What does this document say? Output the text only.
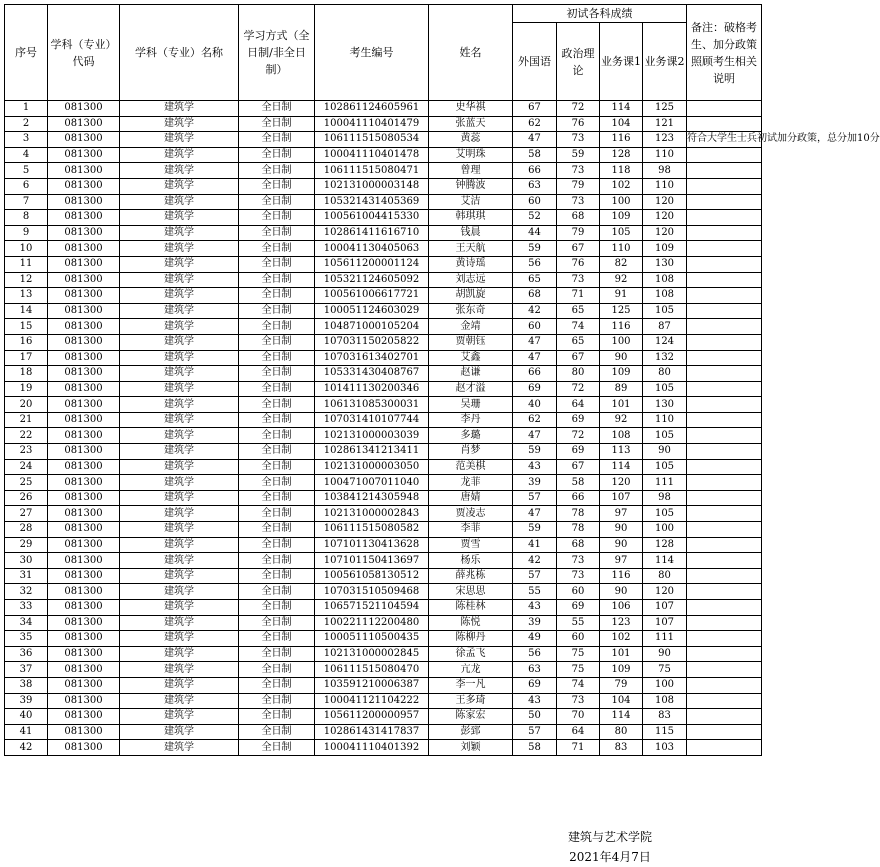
序号	学科（专业）代码	学科（专业）名称	学习方式（全日制/非全日制）	考生编号	姓名	初试各科成绩				备注：破格考生、加分政策照顾考生相关说明
						外国语	政治理论	业务课1	业务课2	
1	081300	建筑学	全日制	102861124605961	史华祺	67	72	114	125	
2	081300	建筑学	全日制	100041110401479	张蓝天	62	76	104	121	
3	081300	建筑学	全日制	106111515080534	黄蕊	47	73	116	123	符合大学生士兵初试加分政策，总分加10分
4	081300	建筑学	全日制	100041110401478	艾明珠	58	59	128	110	
5	081300	建筑学	全日制	106111515080471	曾理	66	73	118	98	
6	081300	建筑学	全日制	102131000003148	钟腾波	63	79	102	110	
7	081300	建筑学	全日制	105321431405369	艾洁	60	73	100	120	
8	081300	建筑学	全日制	100561004415330	韩琪琪	52	68	109	120	
9	081300	建筑学	全日制	102861411616710	钱晨	44	79	105	120	
10	081300	建筑学	全日制	100041130405063	王天航	59	67	110	109	
11	081300	建筑学	全日制	105611200001124	黄诗瑶	56	76	82	130	
12	081300	建筑学	全日制	105321124605092	刘志远	65	73	92	108	
13	081300	建筑学	全日制	100561006617721	胡凯旋	68	71	91	108	
14	081300	建筑学	全日制	100051124603029	张东奇	42	65	125	105	
15	081300	建筑学	全日制	104871000105204	金靖	60	74	116	87	
16	081300	建筑学	全日制	107031150205822	贾朝钰	47	65	100	124	
17	081300	建筑学	全日制	107031613402701	艾鑫	47	67	90	132	
18	081300	建筑学	全日制	105331430408767	赵谦	66	80	109	80	
19	081300	建筑学	全日制	101411130200346	赵才溢	69	72	89	105	
20	081300	建筑学	全日制	106131085300031	吴珊	40	64	101	130	
21	081300	建筑学	全日制	107031410107744	李丹	62	69	92	110	
22	081300	建筑学	全日制	102131000003039	多璐	47	72	108	105	
23	081300	建筑学	全日制	102861341213411	肖梦	59	69	113	90	
24	081300	建筑学	全日制	102131000003050	范美棋	43	67	114	105	
25	081300	建筑学	全日制	100471007011040	龙菲	39	58	120	111	
26	081300	建筑学	全日制	103841214305948	唐婧	57	66	107	98	
27	081300	建筑学	全日制	102131000002843	贾凌志	47	78	97	105	
28	081300	建筑学	全日制	106111515080582	李菲	59	78	90	100	
29	081300	建筑学	全日制	107101130413628	贾雪	41	68	90	128	
30	081300	建筑学	全日制	107101150413697	杨乐	42	73	97	114	
31	081300	建筑学	全日制	100561058130512	薛兆栋	57	73	116	80	
32	081300	建筑学	全日制	107031510509468	宋思思	55	60	90	120	
33	081300	建筑学	全日制	106571521104594	陈桂林	43	69	106	107	
34	081300	建筑学	全日制	100221112200480	陈悦	39	55	123	107	
35	081300	建筑学	全日制	100051110500435	陈柳丹	49	60	102	111	
36	081300	建筑学	全日制	102131000002845	徐孟飞	56	75	101	90	
37	081300	建筑学	全日制	106111515080470	亢龙	63	75	109	75	
38	081300	建筑学	全日制	103591210006387	李一凡	69	74	79	100	
39	081300	建筑学	全日制	100041121104222	王多琦	43	73	104	108	
40	081300	建筑学	全日制	105611200000957	陈家宏	50	70	114	83	
41	081300	建筑学	全日制	102861431417837	彭郅	57	64	80	115	
42	081300	建筑学	全日制	100041110401392	刘颖	58	71	83	103	
建筑与艺术学院
2021年4月7日
